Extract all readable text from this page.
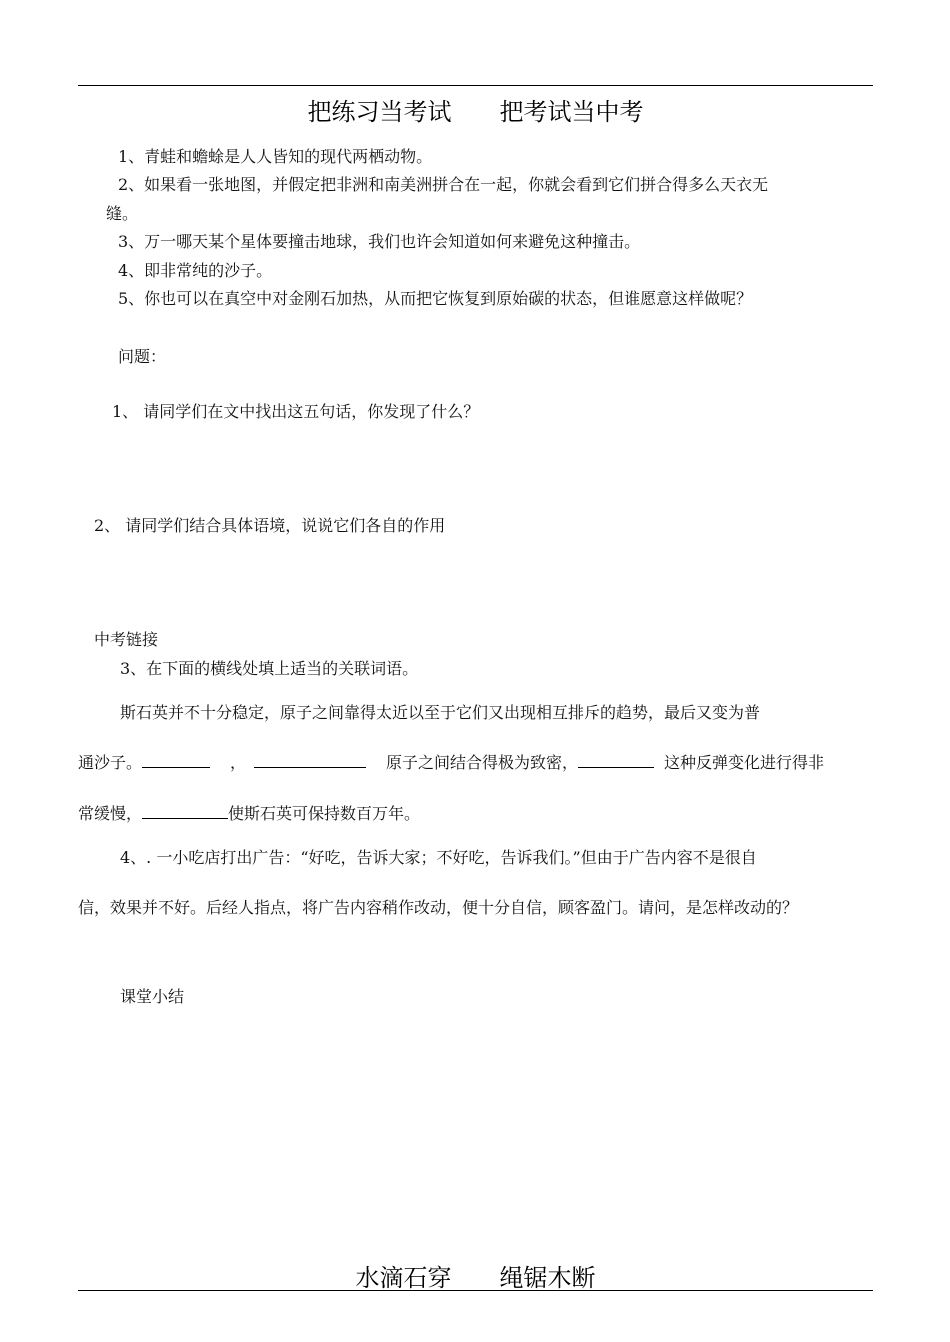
把练习当考试　　把考试当中考
1、青蛙和蟾蜍是人人皆知的现代两栖动物。
2、如果看一张地图，并假定把非洲和南美洲拼合在一起，你就会看到它们拼合得多么天衣无
缝。
3、万一哪天某个星体要撞击地球，我们也许会知道如何来避免这种撞击。
4、即非常纯的沙子。
5、你也可以在真空中对金刚石加热，从而把它恢复到原始碳的状态，但谁愿意这样做呢？
问题：
1、 请同学们在文中找出这五句话，你发现了什么？
2、 请同学们结合具体语境，说说它们各自的作用
中考链接
3、在下面的横线处填上适当的关联词语。
斯石英并不十分稳定，原子之间靠得太近以至于它们又出现相互排斥的趋势，最后又变为普
通沙子。	，	原子之间结合得极为致密，	这种反弹变化进行得非
常缓慢，	使斯石英可保持数百万年。
4、. 一小吃店打出广告：“好吃，告诉大家；不好吃，告诉我们。”但由于广告内容不是很自
信，效果并不好。后经人指点，将广告内容稍作改动，便十分自信，顾客盈门。请问，是怎样改动的？
课堂小结
水滴石穿　　绳锯木断
